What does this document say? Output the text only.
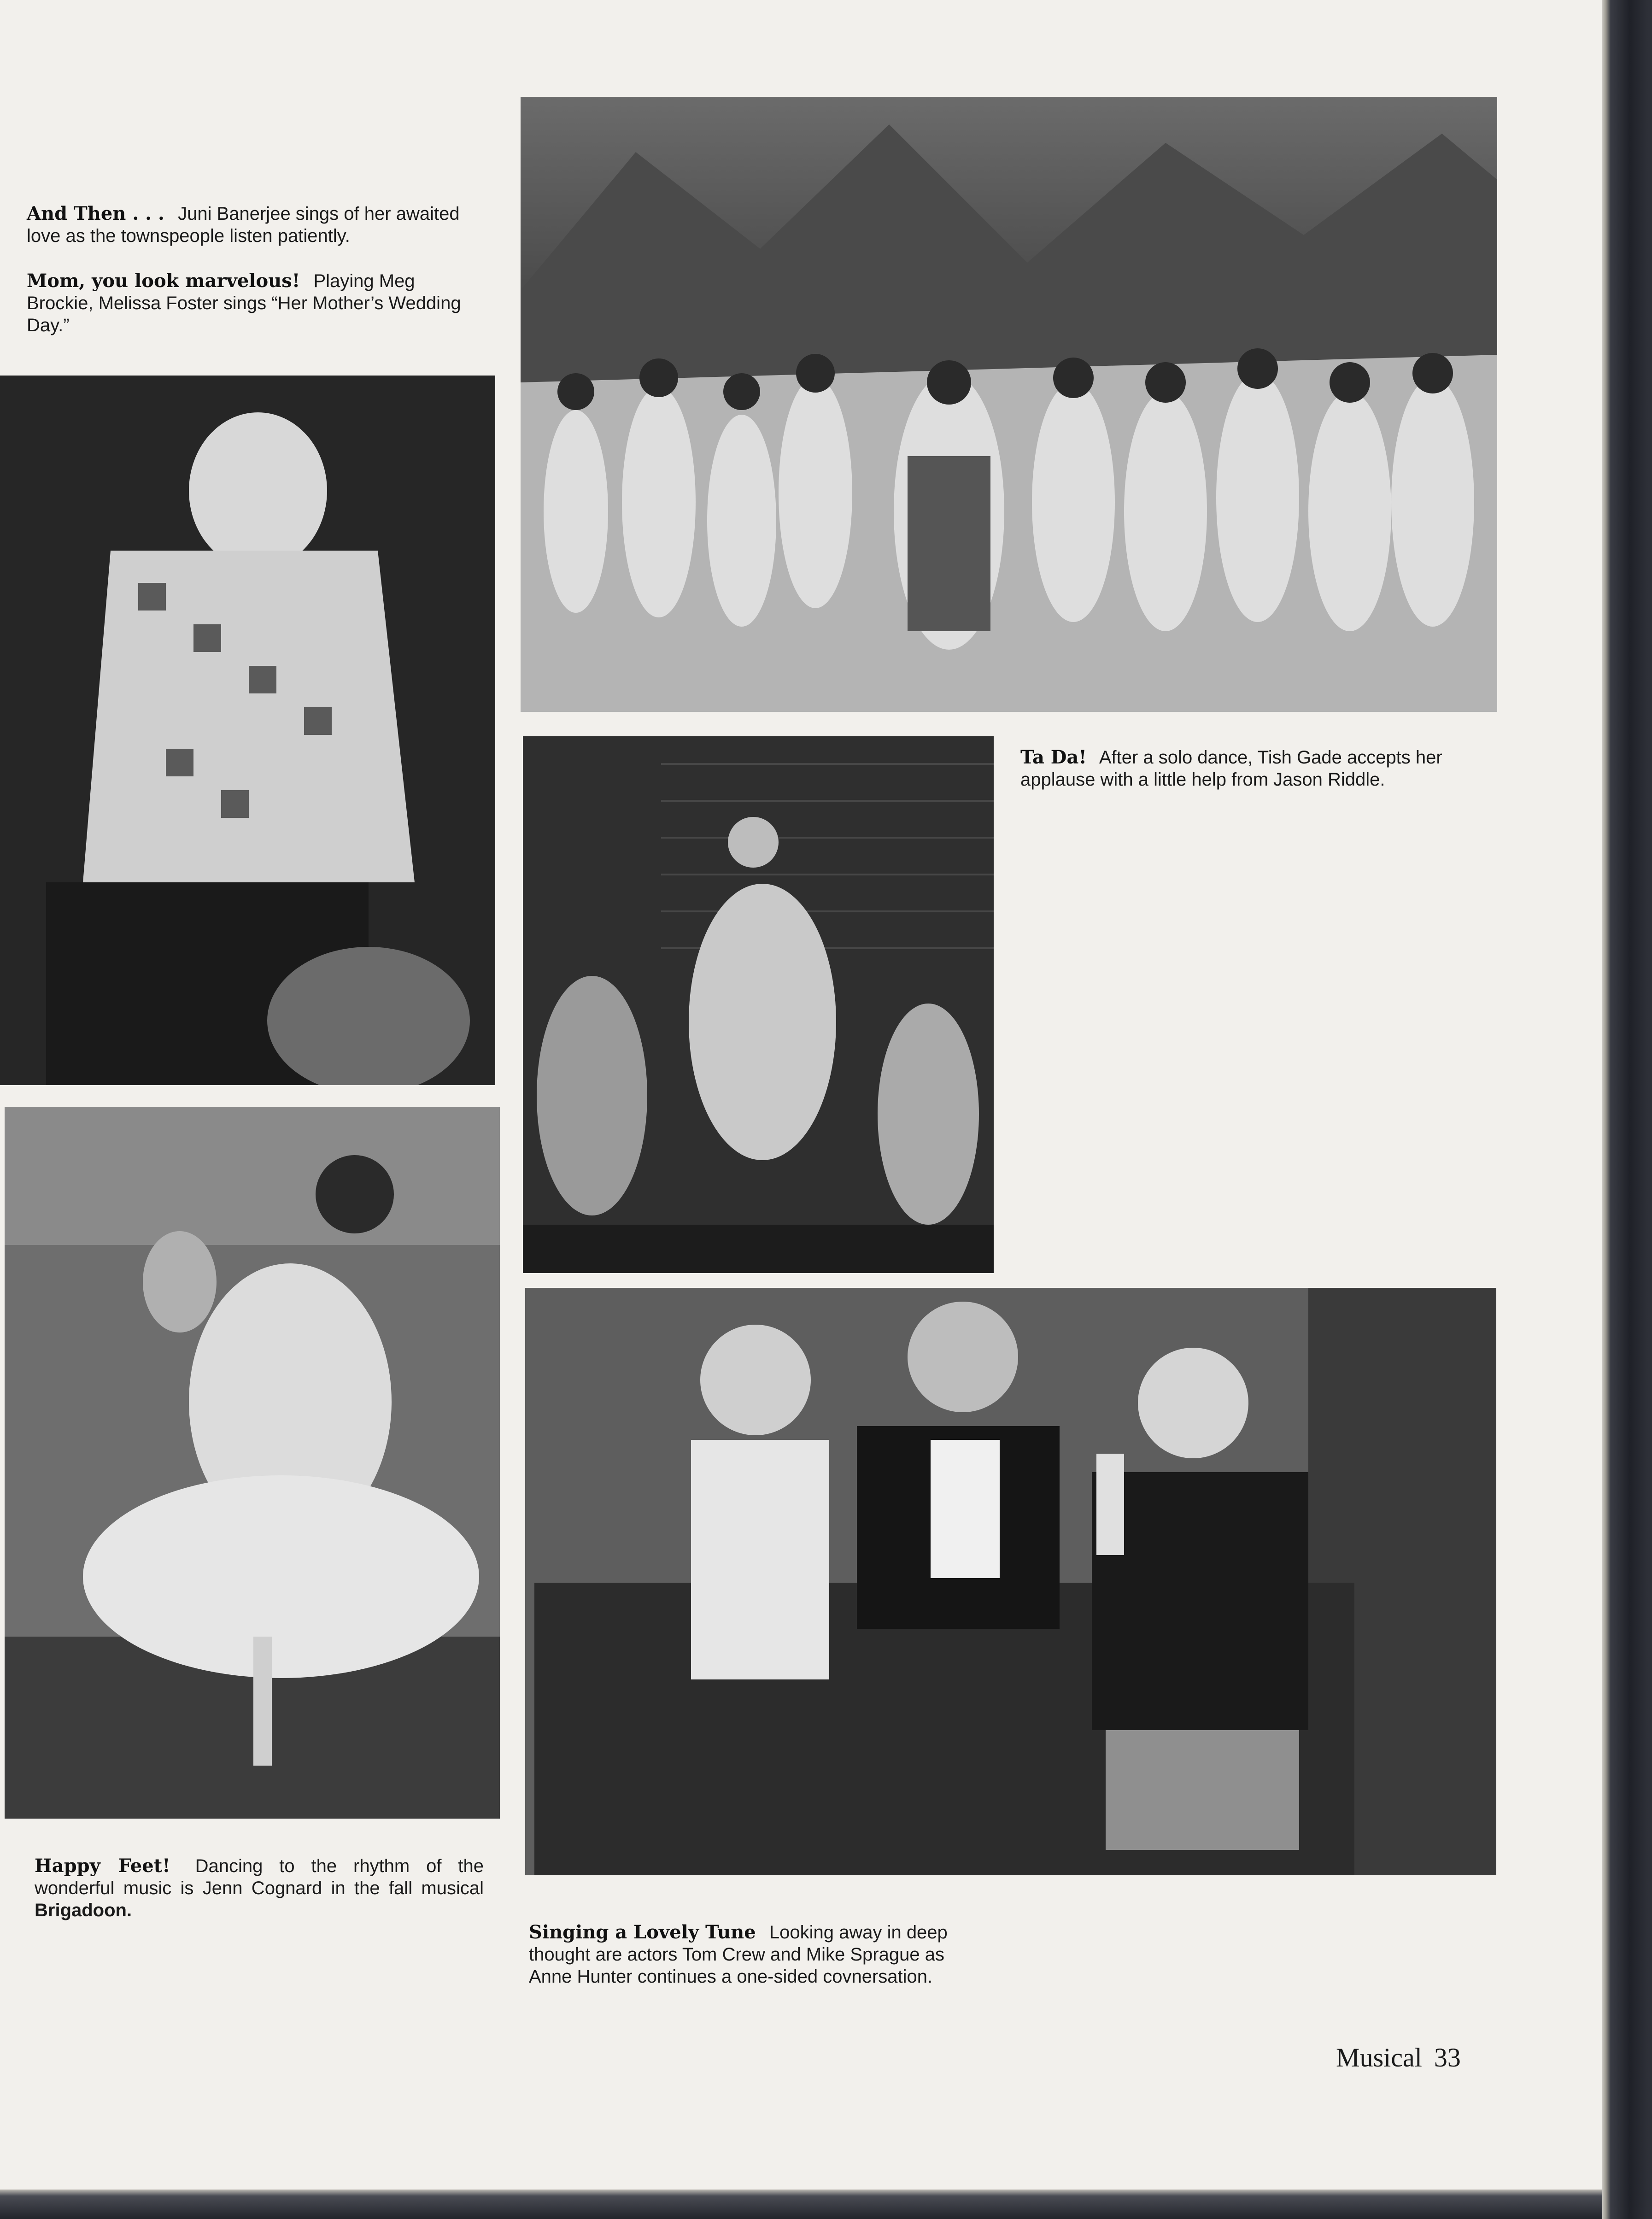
And Then . . . Juni Banerjee sings of her awaited love as the townspeople listen patiently.

Mom, you look marvelous! Playing Meg Brockie, Melissa Foster sings “Her Mother’s Wedding Day.”

Ta Da! After a solo dance, Tish Gade accepts her applause with a little help from Jason Riddle.

Happy Feet! Dancing to the rhythm of the wonderful music is Jenn Cognard in the fall musical Brigadoon.

Singing a Lovely Tune Looking away in deep thought are actors Tom Crew and Mike Sprague as Anne Hunter continues a one-sided covnersation.

Musical 33
